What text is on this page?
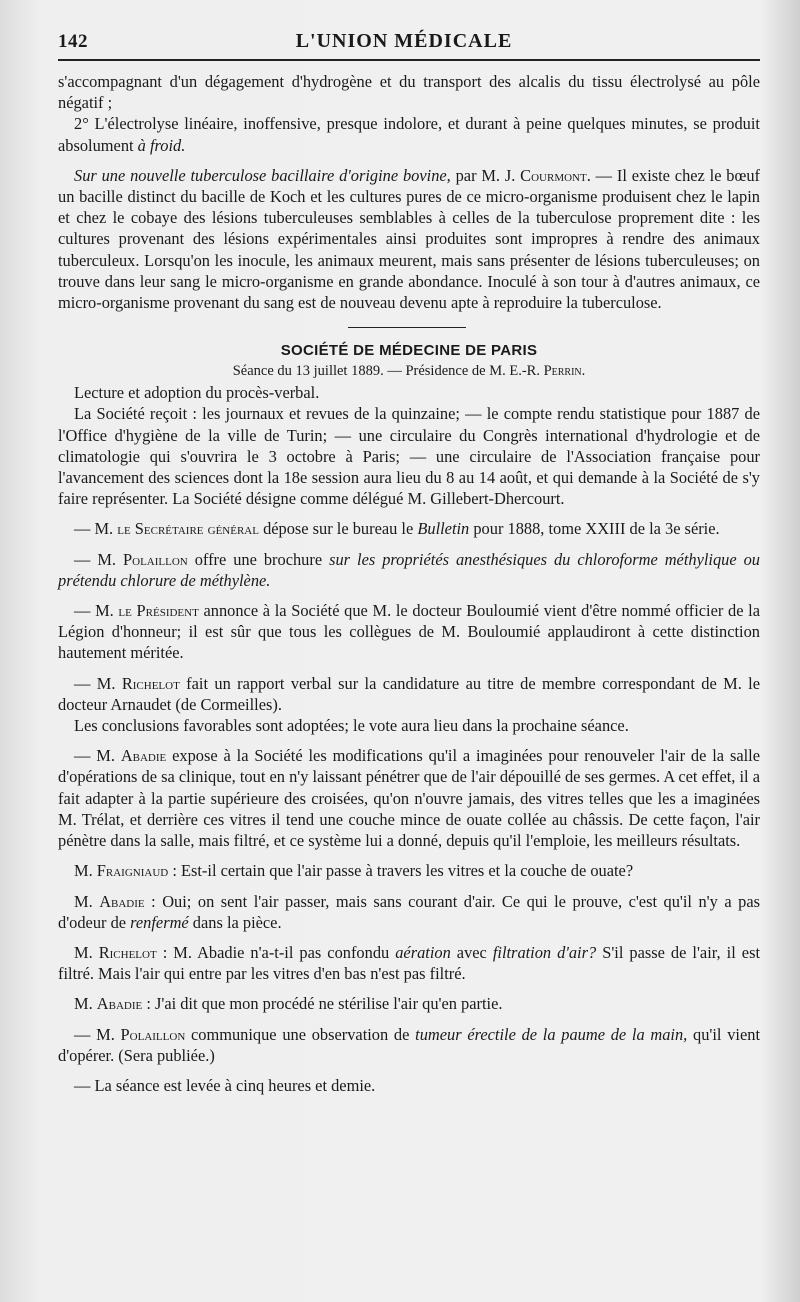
142	L'UNION MÉDICALE

s'accompagnant d'un dégagement d'hydrogène et du transport des alcalis du tissu électrolysé au pôle négatif ;

2° L'électrolyse linéaire, inoffensive, presque indolore, et durant à peine quelques minutes, se produit absolument à froid.

Sur une nouvelle tuberculose bacillaire d'origine bovine, par M. J. Courmont. — Il existe chez le bœuf un bacille distinct du bacille de Koch et les cultures pures de ce micro-organisme produisent chez le lapin et chez le cobaye des lésions tuberculeuses semblables à celles de la tuberculose proprement dite : les cultures provenant des lésions expérimentales ainsi produites sont impropres à rendre des animaux tuberculeux. Lorsqu'on les inocule, les animaux meurent, mais sans présenter de lésions tuberculeuses; on trouve dans leur sang le micro-organisme en grande abondance. Inoculé à son tour à d'autres animaux, ce micro-organisme provenant du sang est de nouveau devenu apte à reproduire la tuberculose.

SOCIÉTÉ DE MÉDECINE DE PARIS
Séance du 13 juillet 1889. — Présidence de M. E.-R. Perrin.

Lecture et adoption du procès-verbal.

La Société reçoit : les journaux et revues de la quinzaine; — le compte rendu statistique pour 1887 de l'Office d'hygiène de la ville de Turin; — une circulaire du Congrès international d'hydrologie et de climatologie qui s'ouvrira le 3 octobre à Paris; — une circulaire de l'Association française pour l'avancement des sciences dont la 18e session aura lieu du 8 au 14 août, et qui demande à la Société de s'y faire représenter. La Société désigne comme délégué M. Gillebert-Dhercourt.

— M. le Secrétaire général dépose sur le bureau le Bulletin pour 1888, tome XXIII de la 3e série.

— M. Polaillon offre une brochure sur les propriétés anesthésiques du chloroforme méthylique ou prétendu chlorure de méthylène.

— M. le Président annonce à la Société que M. le docteur Bouloumié vient d'être nommé officier de la Légion d'honneur; il est sûr que tous les collègues de M. Bouloumié applaudiront à cette distinction hautement méritée.

— M. Richelot fait un rapport verbal sur la candidature au titre de membre correspondant de M. le docteur Arnaudet (de Cormeilles).

Les conclusions favorables sont adoptées; le vote aura lieu dans la prochaine séance.

— M. Abadie expose à la Société les modifications qu'il a imaginées pour renouveler l'air de la salle d'opérations de sa clinique, tout en n'y laissant pénétrer que de l'air dépouillé de ses germes. A cet effet, il a fait adapter à la partie supérieure des croisées, qu'on n'ouvre jamais, des vitres telles que les a imaginées M. Trélat, et derrière ces vitres il tend une couche mince de ouate collée au châssis. De cette façon, l'air pénètre dans la salle, mais filtré, et ce système lui a donné, depuis qu'il l'emploie, les meilleurs résultats.

M. Fraigniaud : Est-il certain que l'air passe à travers les vitres et la couche de ouate?

M. Abadie : Oui; on sent l'air passer, mais sans courant d'air. Ce qui le prouve, c'est qu'il n'y a pas d'odeur de renfermé dans la pièce.

M. Richelot : M. Abadie n'a-t-il pas confondu aération avec filtration d'air? S'il passe de l'air, il est filtré. Mais l'air qui entre par les vitres d'en bas n'est pas filtré.

M. Abadie : J'ai dit que mon procédé ne stérilise l'air qu'en partie.

— M. Polaillon communique une observation de tumeur érectile de la paume de la main, qu'il vient d'opérer. (Sera publiée.)

— La séance est levée à cinq heures et demie.
